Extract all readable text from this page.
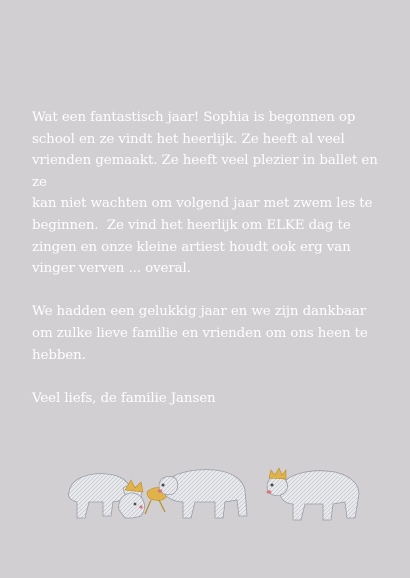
Wat een fantastisch jaar! Sophia is begonnen op
school en ze vindt het heerlijk. Ze heeft al veel
vrienden gemaakt. Ze heeft veel plezier in ballet en ze
kan niet wachten om volgend jaar met zwem les te
beginnen.  Ze vind het heerlijk om ELKE dag te
zingen en onze kleine artiest houdt ook erg van
vinger verven ... overal.

We hadden een gelukkig jaar en we zijn dankbaar
om zulke lieve familie en vrienden om ons heen te
hebben.

Veel liefs, de familie Jansen
